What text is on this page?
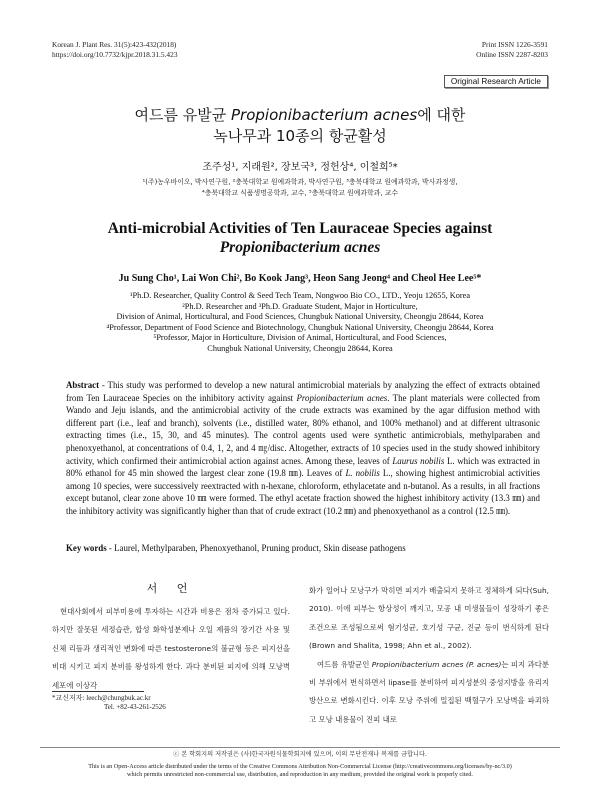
Korean J. Plant Res. 31(5):423-432(2018)
https://doi.org/10.7732/kjpr.2018.31.5.423
Print ISSN 1226-3591
Online ISSN 2287-8203
Original Research Article
여드름 유발균 Propionibacterium acnes에 대한
녹나무과 10종의 항균활성
조주성¹, 지래원², 장보국³, 정헌상⁴, 이철희⁵*
¹(주)농우바이오, 박사연구원, ²충북대학교 원예과학과, 박사연구원, ³충북대학교 원예과학과, 박사과정생,
⁴충북대학교 식품생명공학과, 교수, ⁵충북대학교 원예과학과, 교수
Anti-microbial Activities of Ten Lauraceae Species against
Propionibacterium acnes
Ju Sung Cho¹, Lai Won Chi², Bo Kook Jang³, Heon Sang Jeong⁴ and Cheol Hee Lee⁵*
¹Ph.D. Researcher, Quality Control & Seed Tech Team, Nongwoo Bio CO., LTD., Yeoju 12655, Korea
²Ph.D. Researcher and ³Ph.D. Graduate Student, Major in Horticulture,
Division of Animal, Horticultural, and Food Sciences, Chungbuk National University, Cheongju 28644, Korea
⁴Professor, Department of Food Science and Biotechnology, Chungbuk National University, Cheongju 28644, Korea
⁵Professor, Major in Horticulture, Division of Animal, Horticultural, and Food Sciences,
Chungbuk National University, Cheongju 28644, Korea
Abstract - This study was performed to develop a new natural antimicrobial materials by analyzing the effect of extracts obtained from Ten Lauraceae Species on the inhibitory activity against Propionibacterium acnes. The plant materials were collected from Wando and Jeju islands, and the antimicrobial activity of the crude extracts was examined by the agar diffusion method with different part (i.e., leaf and branch), solvents (i.e., distilled water, 80% ethanol, and 100% methanol) and at different ultrasonic extracting times (i.e., 15, 30, and 45 minutes). The control agents used were synthetic antimicrobials, methylparaben and phenoxyethanol, at concentrations of 0.4, 1, 2, and 4 ㎎/disc. Altogether, extracts of 10 species used in the study showed inhibitory activity, which confirmed their antimicrobial action against acnes. Among these, leaves of Laurus nobilis L. which was extracted in 80% ethanol for 45 min showed the largest clear zone (19.8 ㎜). Leaves of L. nobilis L., showing highest antimicrobial activities among 10 species, were successively reextracted with n-hexane, chloroform, ethylacetate and n-butanol. As a results, in all fractions except butanol, clear zone above 10 ㎜ were formed. The ethyl acetate fraction showed the highest inhibitory activity (13.3 ㎜) and the inhibitory activity was significantly higher than that of crude extract (10.2 ㎜) and phenoxyethanol as a control (12.5 ㎜).
Key words - Laurel, Methylparaben, Phenoxyethanol, Pruning product, Skin disease pathogens
서 언
현대사회에서 피부미용에 투자하는 시간과 비용은 점차 증가되고 있다. 하지만 잘못된 세정습관, 합성 화학성분제나 오일 제품의 장기간 사용 및 신체 리듬과 생리적인 변화에 따른 testosterone의 불균형 등은 피지선을 비대 시키고 피지 분비를 왕성하게 한다. 과다 분비된 피지에 의해 모낭벽 세포에 이상각
*교신저자: leech@chungbuk.ac.kr
Tel. +82-43-261-2526
화가 일어나 모낭구가 막히면 피지가 배출되지 못하고 정체하게 되다(Suh, 2010). 이에 피부는 항상성이 깨지고, 모공 내 미생물들이 성장하기 좋은 조건으로 조성됨으로써 혐기성균, 호기성 구균, 진균 등이 번식하게 된다(Brown and Shalita, 1998; Ahn et al., 2002).
여드름 유발균인 Propionibacterium acnes (P. acnes)는 피지 과다분비 부위에서 번식하면서 lipase를 분비하여 피지성분의 중성지방을 유리지방산으로 변화시킨다. 이후 모낭 주위에 밀집된 백혈구가 모낭벽을 파괴하고 모낭 내용물이 진피 내로
ⓒ 본 학회지의 저작권은 (사)한국자원식물학회지에 있으며, 이의 무단전재나 복제를 금합니다.
This is an Open-Access article distributed under the terms of the Creative Commons Attribution Non-Commercial License (http://creativecommons.org/licenses/by-nc/3.0)
which permits unrestricted non-commercial use, distribution, and reproduction in any medium, provided the original work is properly cited.
